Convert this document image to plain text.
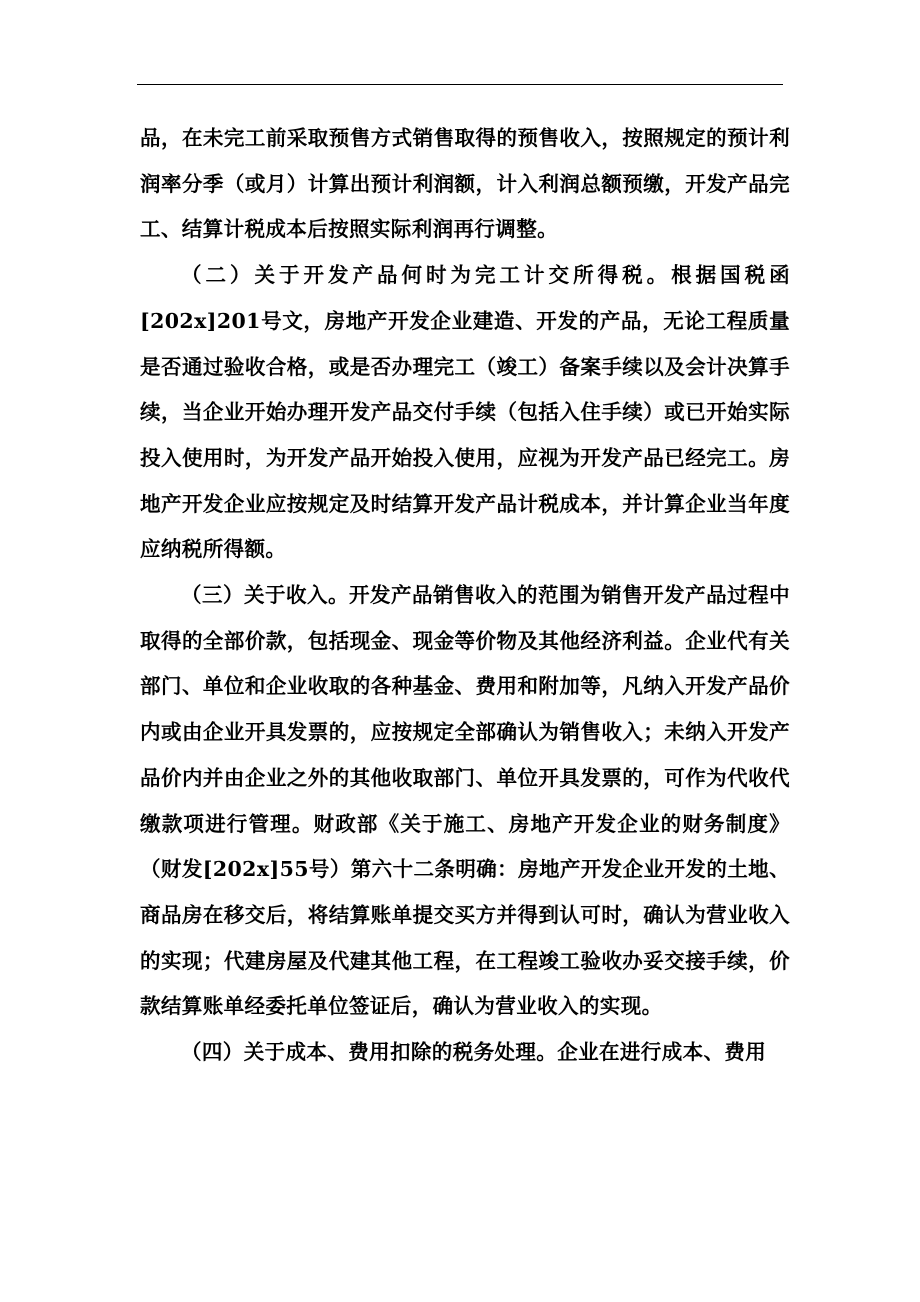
品，在未完工前采取预售方式销售取得的预售收入，按照规定的预计利润率分季（或月）计算出预计利润额，计入利润总额预缴，开发产品完工、结算计税成本后按照实际利润再行调整。

（二）关于开发产品何时为完工计交所得税。根据国税函[202x]201号文，房地产开发企业建造、开发的产品，无论工程质量是否通过验收合格，或是否办理完工（竣工）备案手续以及会计决算手续，当企业开始办理开发产品交付手续（包括入住手续）或已开始实际投入使用时，为开发产品开始投入使用，应视为开发产品已经完工。房地产开发企业应按规定及时结算开发产品计税成本，并计算企业当年度应纳税所得额。

（三）关于收入。开发产品销售收入的范围为销售开发产品过程中取得的全部价款，包括现金、现金等价物及其他经济利益。企业代有关部门、单位和企业收取的各种基金、费用和附加等，凡纳入开发产品价内或由企业开具发票的，应按规定全部确认为销售收入；未纳入开发产品价内并由企业之外的其他收取部门、单位开具发票的，可作为代收代缴款项进行管理。财政部《关于施工、房地产开发企业的财务制度》（财发[202x]55号）第六十二条明确：房地产开发企业开发的土地、商品房在移交后，将结算账单提交买方并得到认可时，确认为营业收入的实现；代建房屋及代建其他工程，在工程竣工验收办妥交接手续，价款结算账单经委托单位签证后，确认为营业收入的实现。

（四）关于成本、费用扣除的税务处理。企业在进行成本、费用
